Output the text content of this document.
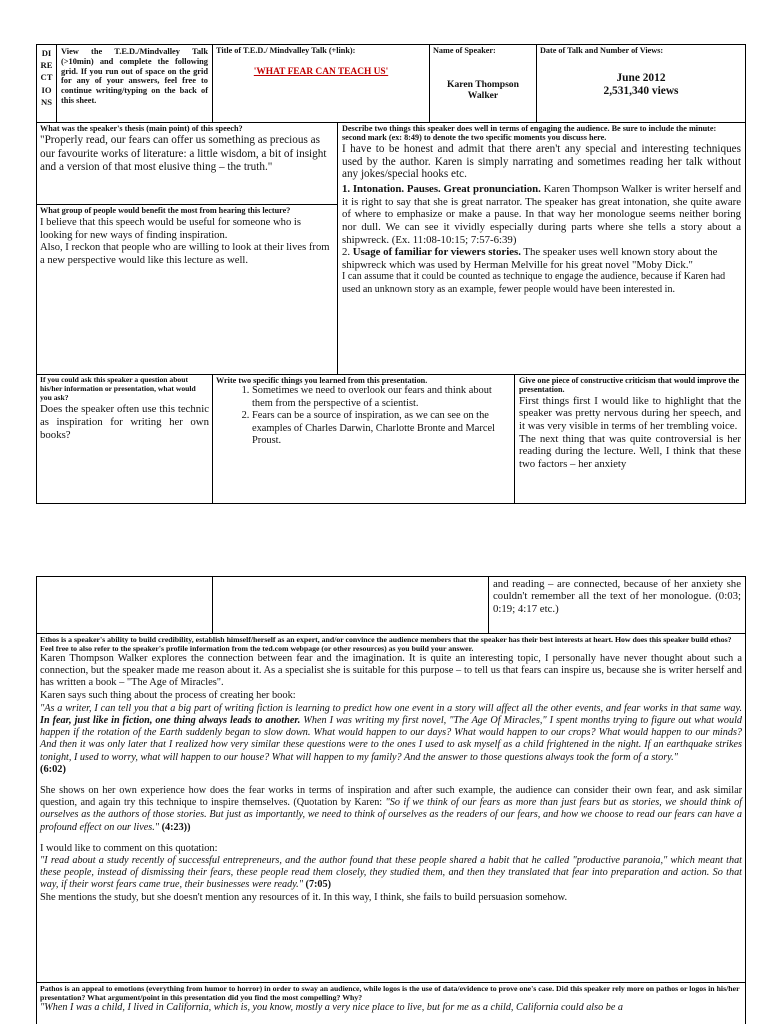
DI RE CT IO NS
View the T.E.D./Mindvalley Talk (>10min) and complete the following grid. If you run out of space on the grid for any of your answers, feel free to continue writing/typing on the back of this sheet.
Title of T.E.D./ Mindvalley Talk (+link):
'WHAT FEAR CAN TEACH US'
Name of Speaker:
Karen Thompson Walker
Date of Talk and Number of Views:
June 2012
2,531,340 views
What was the speaker's thesis (main point) of this speech?
"Properly read, our fears can offer us something as precious as our favourite works of literature: a little wisdom, a bit of insight and a version of that most elusive thing – the truth."
What group of people would benefit the most from hearing this lecture?
I believe that this speech would be useful for someone who is looking for new ways of finding inspiration.
Also, I reckon that people who are willing to look at their lives from a new perspective would like this lecture as well.
Describe two things this speaker does well in terms of engaging the audience. Be sure to include the minute: second mark (ex: 8:49) to denote the two specific moments you discuss here.
I have to be honest and admit that there aren't any special and interesting techniques used by the author. Karen is simply narrating and sometimes reading her talk without any jokes/special hooks etc.
1. Intonation. Pauses. Great pronunciation. Karen Thompson Walker is writer herself and it is right to say that she is great narrator. The speaker has great intonation, she quite aware of where to emphasize or make a pause. In that way her monologue seems neither boring nor dull. We can see it vividly especially during parts where she tells a story about a shipwreck. (Ex. 11:08-10:15; 7:57-6:39)
2. Usage of familiar for viewers stories. The speaker uses well known story about the shipwreck which was used by Herman Melville for his great novel "Moby Dick."
I can assume that it could be counted as technique to engage the audience, because if Karen had used an unknown story as an example, fewer people would have been interested in.
If you could ask this speaker a question about his/her information or presentation, what would you ask?
Does the speaker often use this technic as inspiration for writing her own books?
Write two specific things you learned from this presentation.
1. Sometimes we need to overlook our fears and think about them from the perspective of a scientist.
2. Fears can be a source of inspiration, as we can see on the examples of Charles Darwin, Charlotte Bronte and Marcel Proust.
Give one piece of constructive criticism that would improve the presentation.
First things first I would like to highlight that the speaker was pretty nervous during her speech, and it was very visible in terms of her trembling voice.
The next thing that was quite controversial is her reading during the lecture. Well, I think that these two factors – her anxiety
and reading – are connected, because of her anxiety she couldn't remember all the text of her monologue. (0:03; 0:19; 4:17 etc.)
Ethos is a speaker's ability to build credibility, establish himself/herself as an expert, and/or convince the audience members that the speaker has their best interests at heart. How does this speaker build ethos? Feel free to also refer to the speaker's profile information from the ted.com webpage (or other resources) as you build your answer.
Karen Thompson Walker explores the connection between fear and the imagination. It is quite an interesting topic, I personally have never thought about such a connection, but the speaker made me reason about it. As a specialist she is suitable for this purpose – to tell us that fears can inspire us, because she is writer herself and has written a book – "The Age of Miracles".
Karen says such thing about the process of creating her book:
"As a writer, I can tell you that a big part of writing fiction is learning to predict how one event in a story will affect all the other events, and fear works in that same way. In fear, just like in fiction, one thing always leads to another. When I was writing my first novel, "The Age Of Miracles," I spent months trying to figure out what would happen if the rotation of the Earth suddenly began to slow down. What would happen to our days? What would happen to our crops? What would happen to our minds? And then it was only later that I realized how very similar these questions were to the ones I used to ask myself as a child frightened in the night. If an earthquake strikes tonight, I used to worry, what will happen to our house? What will happen to my family? And the answer to those questions always took the form of a story."
(6:02)
She shows on her own experience how does the fear works in terms of inspiration and after such example, the audience can consider their own fear, and ask similar question, and again try this technique to inspire themselves. (Quotation by Karen: "So if we think of our fears as more than just fears but as stories, we should think of ourselves as the authors of those stories. But just as importantly, we need to think of ourselves as the readers of our fears, and how we choose to read our fears can have a profound effect on our lives." (4:23))
I would like to comment on this quotation:
"I read about a study recently of successful entrepreneurs, and the author found that these people shared a habit that he called "productive paranoia," which meant that these people, instead of dismissing their fears, these people read them closely, they studied them, and then they translated that fear into preparation and action. So that way, if their worst fears came true, their businesses were ready." (7:05)
She mentions the study, but she doesn't mention any resources of it. In this way, I think, she fails to build persuasion somehow.
Pathos is an appeal to emotions (everything from humor to horror) in order to sway an audience, while logos is the use of data/evidence to prove one's case. Did this speaker rely more on pathos or logos in his/her presentation? What argument/point in this presentation did you find the most compelling? Why?
"When I was a child, I lived in California, which is, you know, mostly a very nice place to live, but for me as a child, California could also be a
